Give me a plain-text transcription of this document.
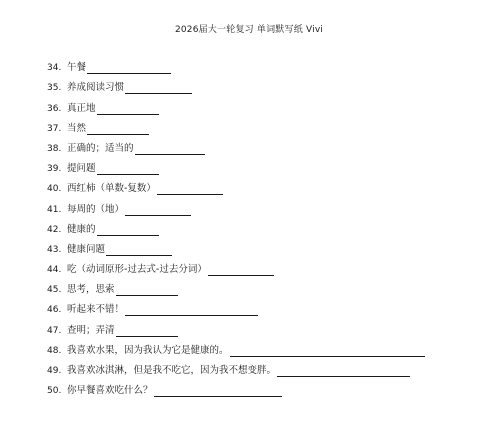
2026届大一轮复习 单词默写纸 Vivi
34. 午餐
35. 养成阅读习惯
36. 真正地
37. 当然
38. 正确的；适当的
39. 提问题
40. 西红柿（单数-复数）
41. 每周的（地）
42. 健康的
43. 健康问题
44. 吃（动词原形-过去式-过去分词）
45. 思考，思索
46. 听起来不错！
47. 查明；弄清
48. 我喜欢水果，因为我认为它是健康的。
49. 我喜欢冰淇淋，但是我不吃它，因为我不想变胖。
50. 你早餐喜欢吃什么？
